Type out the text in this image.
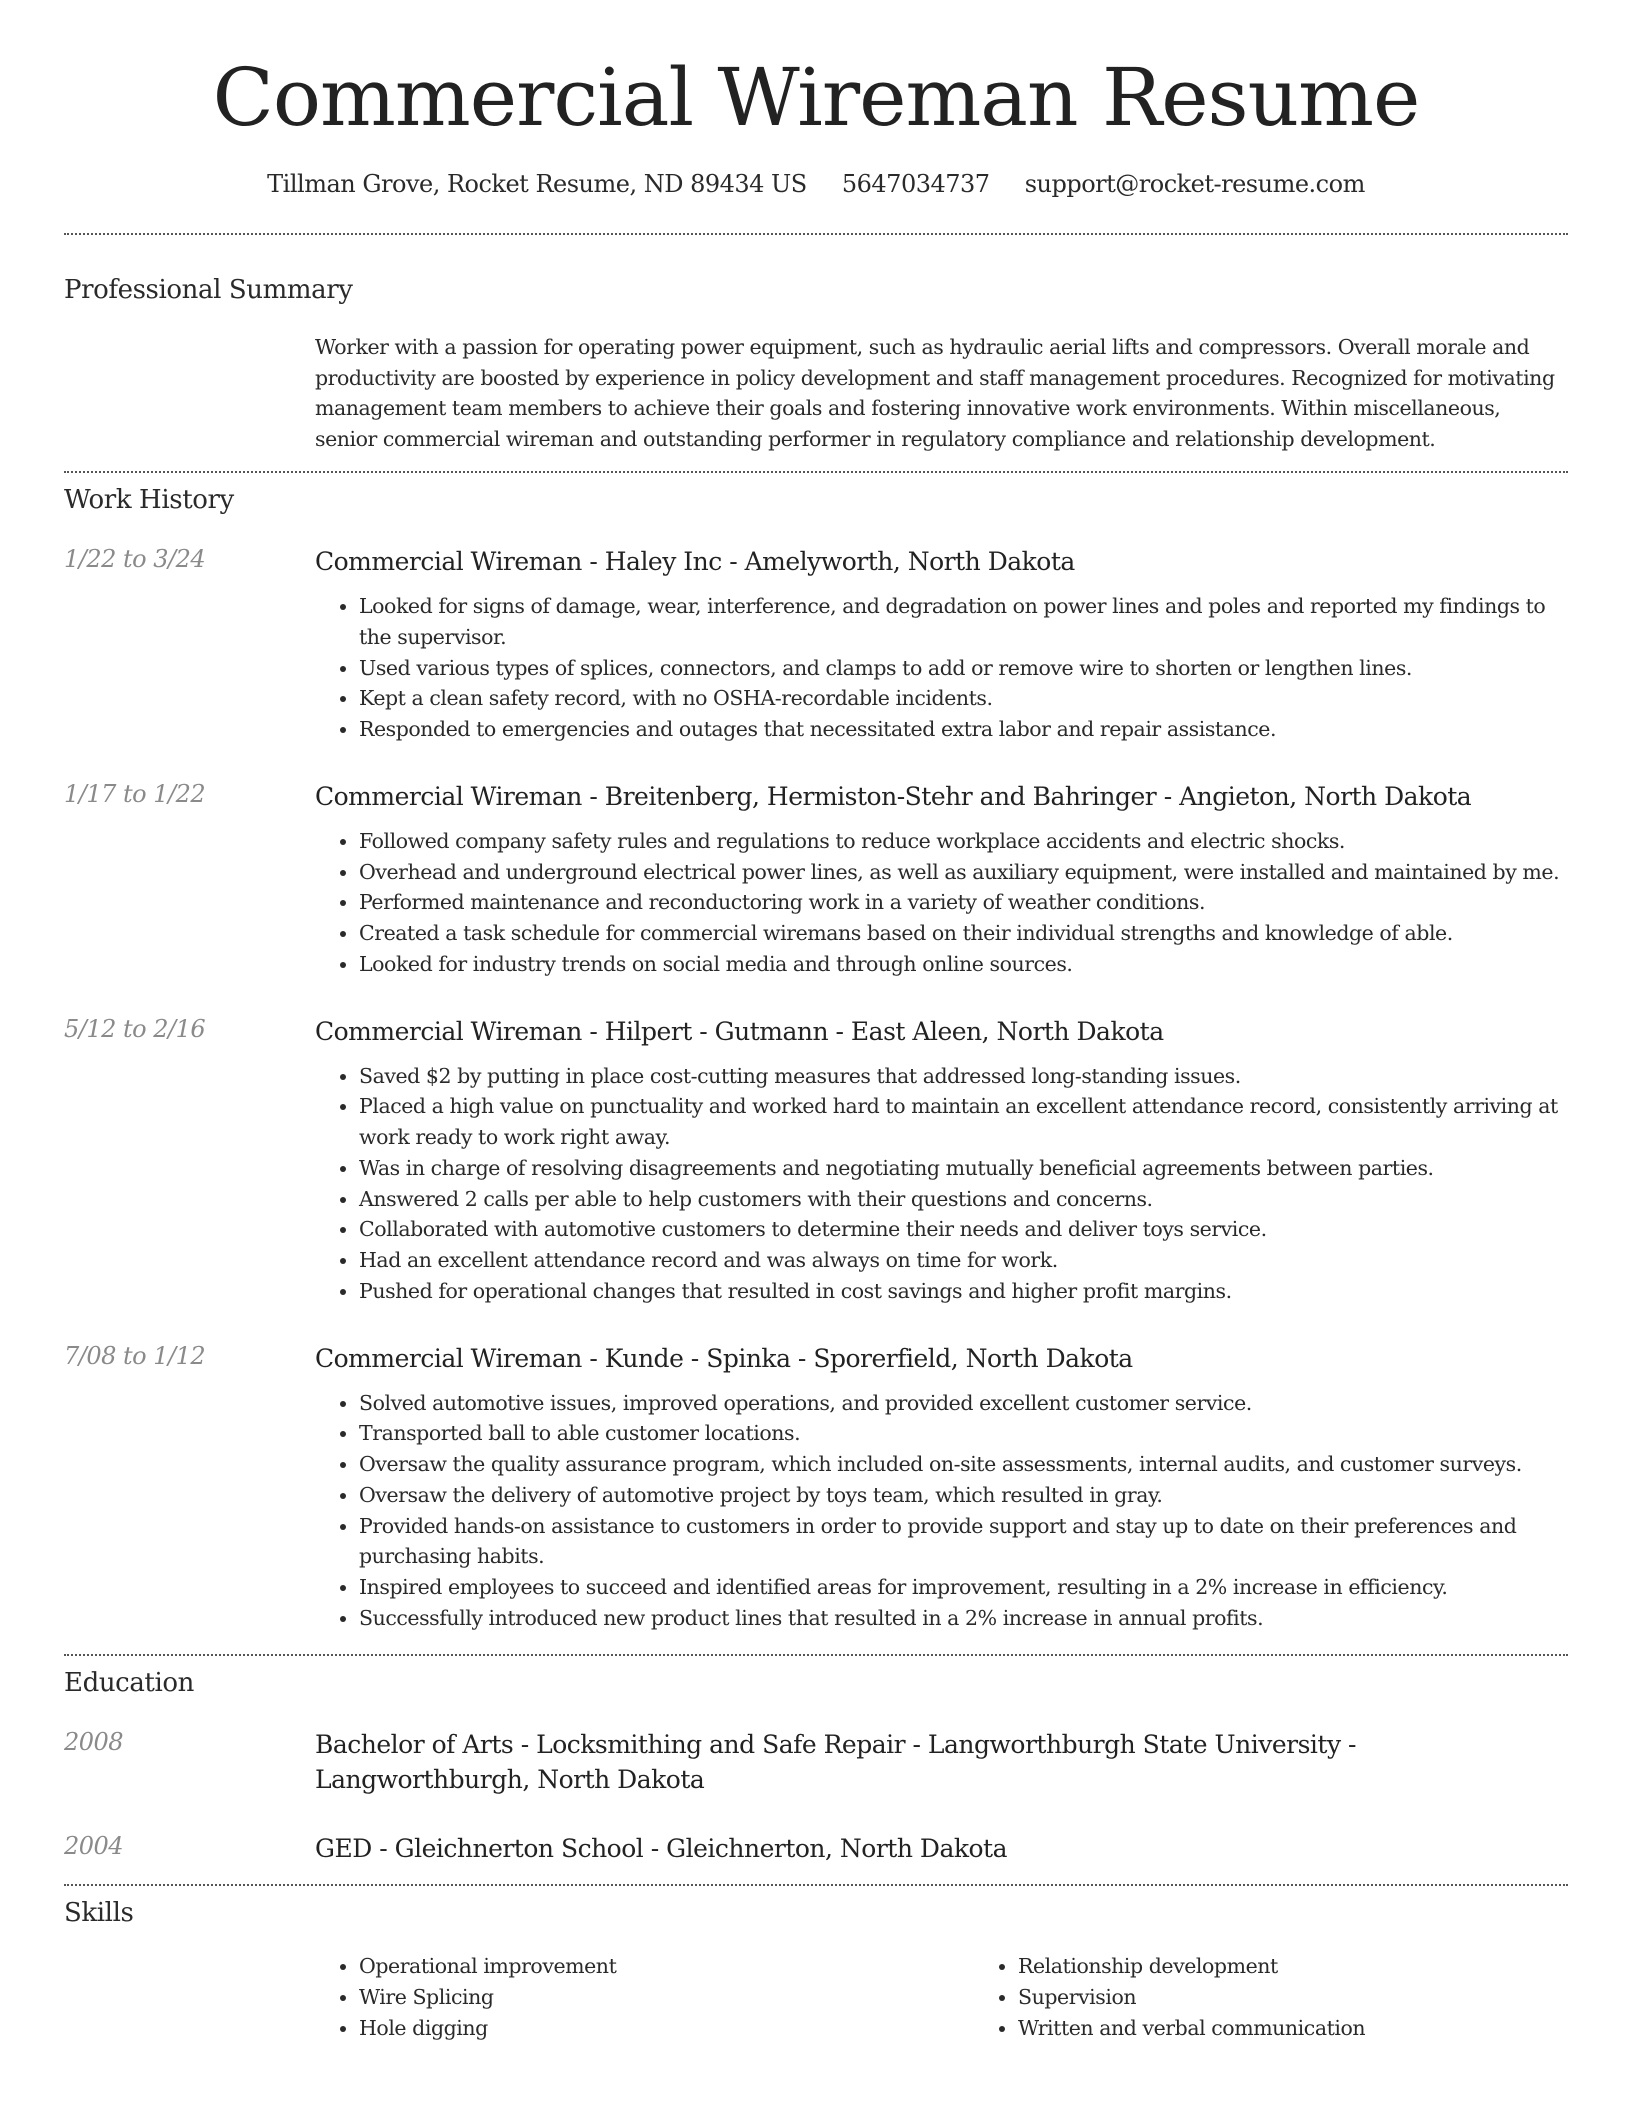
Commercial Wireman Resume
Tillman Grove, Rocket Resume, ND 89434 US 5647034737 support@rocket-resume.com
Professional Summary
Worker with a passion for operating power equipment, such as hydraulic aerial lifts and compressors. Overall morale and productivity are boosted by experience in policy development and staff management procedures. Recognized for motivating management team members to achieve their goals and fostering innovative work environments. Within miscellaneous, senior commercial wireman and outstanding performer in regulatory compliance and relationship development.
Work History
1/22 to 3/24	Commercial Wireman - Haley Inc - Amelyworth, North Dakota
• Looked for signs of damage, wear, interference, and degradation on power lines and poles and reported my findings to the supervisor.
• Used various types of splices, connectors, and clamps to add or remove wire to shorten or lengthen lines.
• Kept a clean safety record, with no OSHA-recordable incidents.
• Responded to emergencies and outages that necessitated extra labor and repair assistance.
1/17 to 1/22	Commercial Wireman - Breitenberg, Hermiston-Stehr and Bahringer - Angieton, North Dakota
• Followed company safety rules and regulations to reduce workplace accidents and electric shocks.
• Overhead and underground electrical power lines, as well as auxiliary equipment, were installed and maintained by me.
• Performed maintenance and reconductoring work in a variety of weather conditions.
• Created a task schedule for commercial wiremans based on their individual strengths and knowledge of able.
• Looked for industry trends on social media and through online sources.
5/12 to 2/16	Commercial Wireman - Hilpert - Gutmann - East Aleen, North Dakota
• Saved $2 by putting in place cost-cutting measures that addressed long-standing issues.
• Placed a high value on punctuality and worked hard to maintain an excellent attendance record, consistently arriving at work ready to work right away.
• Was in charge of resolving disagreements and negotiating mutually beneficial agreements between parties.
• Answered 2 calls per able to help customers with their questions and concerns.
• Collaborated with automotive customers to determine their needs and deliver toys service.
• Had an excellent attendance record and was always on time for work.
• Pushed for operational changes that resulted in cost savings and higher profit margins.
7/08 to 1/12	Commercial Wireman - Kunde - Spinka - Sporerfield, North Dakota
• Solved automotive issues, improved operations, and provided excellent customer service.
• Transported ball to able customer locations.
• Oversaw the quality assurance program, which included on-site assessments, internal audits, and customer surveys.
• Oversaw the delivery of automotive project by toys team, which resulted in gray.
• Provided hands-on assistance to customers in order to provide support and stay up to date on their preferences and purchasing habits.
• Inspired employees to succeed and identified areas for improvement, resulting in a 2% increase in efficiency.
• Successfully introduced new product lines that resulted in a 2% increase in annual profits.
Education
2008	Bachelor of Arts - Locksmithing and Safe Repair - Langworthburgh State University - Langworthburgh, North Dakota
2004	GED - Gleichnerton School - Gleichnerton, North Dakota
Skills
• Operational improvement
• Wire Splicing
• Hole digging
• Relationship development
• Supervision
• Written and verbal communication
